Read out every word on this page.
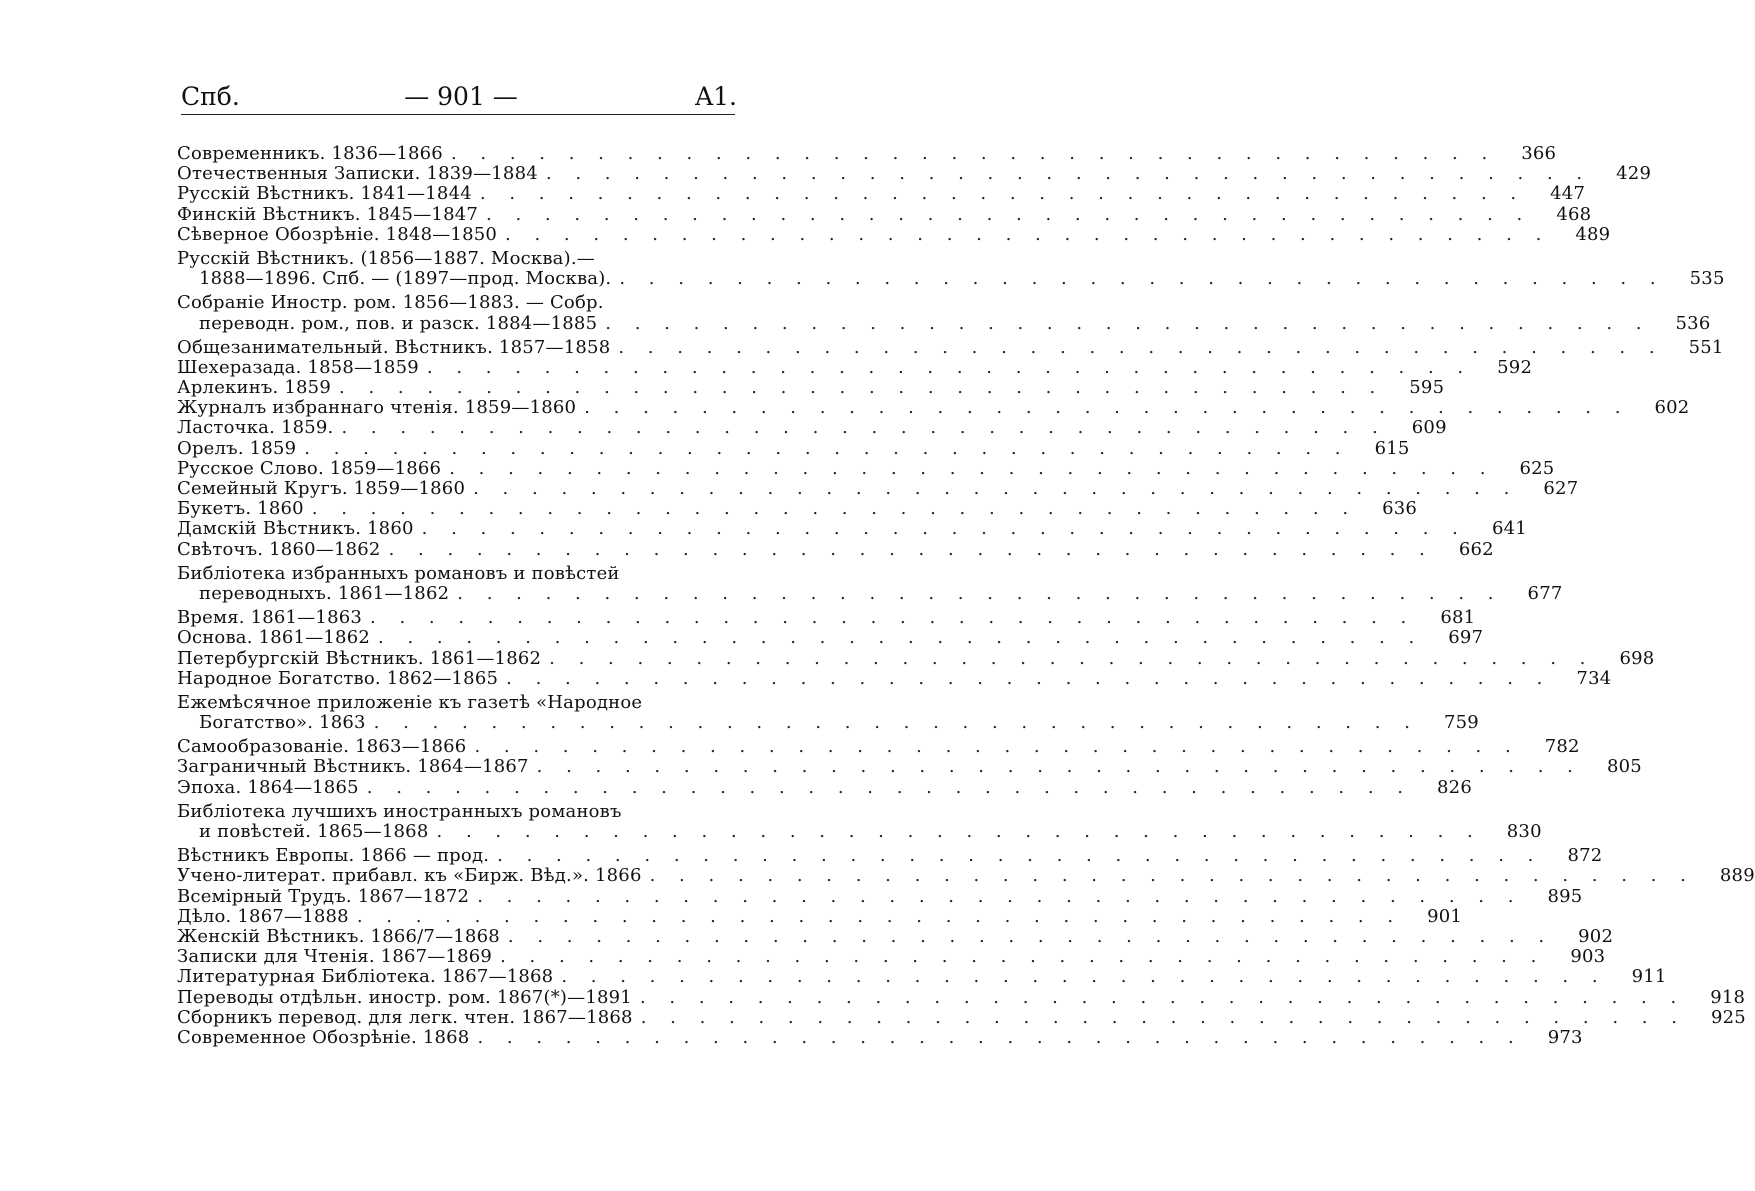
Спб.	— 901 —	A1.
Современникъ. 1836—1866 . . . . . . . . . . . . . . . . . . . . . . . . . . . . . . . . . . . .	366
Отечественныя Записки. 1839—1884 . . . . . . . . . . . . . . . . . . . . . . . . . . . . . . . . . . . .	429
Русскій Вѣстникъ. 1841—1844 . . . . . . . . . . . . . . . . . . . . . . . . . . . . . . . . . . . .	447
Финскій Вѣстникъ. 1845—1847 . . . . . . . . . . . . . . . . . . . . . . . . . . . . . . . . . . . .	468
Сѣверное Обозрѣніе. 1848—1850 . . . . . . . . . . . . . . . . . . . . . . . . . . . . . . . . . . . .	489
Русскій Вѣстникъ. (1856—1887. Москва).—
1888—1896. Спб. — (1897—прод. Москва). . . . . . . . . . . . . . . . . . . . . . . . . . . . . . . . . . . . .	535
Собраніе Иностр. ром. 1856—1883. — Собр.
переводн. ром., пов. и разск. 1884—1885 . . . . . . . . . . . . . . . . . . . . . . . . . . . . . . . . . . . .	536
Общезанимательный. Вѣстникъ. 1857—1858 . . . . . . . . . . . . . . . . . . . . . . . . . . . . . . . . . . . .	551
Шехеразада. 1858—1859 . . . . . . . . . . . . . . . . . . . . . . . . . . . . . . . . . . . .	592
Арлекинъ. 1859 . . . . . . . . . . . . . . . . . . . . . . . . . . . . . . . . . . . .	595
Журналъ избраннаго чтенія. 1859—1860 . . . . . . . . . . . . . . . . . . . . . . . . . . . . . . . . . . . .	602
Ласточка. 1859. . . . . . . . . . . . . . . . . . . . . . . . . . . . . . . . . . . . .	609
Орелъ. 1859 . . . . . . . . . . . . . . . . . . . . . . . . . . . . . . . . . . . .	615
Русское Слово. 1859—1866 . . . . . . . . . . . . . . . . . . . . . . . . . . . . . . . . . . . .	625
Семейный Кругъ. 1859—1860 . . . . . . . . . . . . . . . . . . . . . . . . . . . . . . . . . . . .	627
Букетъ. 1860 . . . . . . . . . . . . . . . . . . . . . . . . . . . . . . . . . . . .	636
Дамскій Вѣстникъ. 1860 . . . . . . . . . . . . . . . . . . . . . . . . . . . . . . . . . . . .	641
Свѣточъ. 1860—1862 . . . . . . . . . . . . . . . . . . . . . . . . . . . . . . . . . . . .	662
Библіотека избранныхъ романовъ и повѣстей
переводныхъ. 1861—1862 . . . . . . . . . . . . . . . . . . . . . . . . . . . . . . . . . . . .	677
Время. 1861—1863 . . . . . . . . . . . . . . . . . . . . . . . . . . . . . . . . . . . .	681
Основа. 1861—1862 . . . . . . . . . . . . . . . . . . . . . . . . . . . . . . . . . . . .	697
Петербургскій Вѣстникъ. 1861—1862 . . . . . . . . . . . . . . . . . . . . . . . . . . . . . . . . . . . .	698
Народное Богатство. 1862—1865 . . . . . . . . . . . . . . . . . . . . . . . . . . . . . . . . . . . .	734
Ежемѣсячное приложеніе къ газетѣ «Народное
Богатство». 1863 . . . . . . . . . . . . . . . . . . . . . . . . . . . . . . . . . . . .	759
Самообразованіе. 1863—1866 . . . . . . . . . . . . . . . . . . . . . . . . . . . . . . . . . . . .	782
Заграничный Вѣстникъ. 1864—1867 . . . . . . . . . . . . . . . . . . . . . . . . . . . . . . . . . . . .	805
Эпоха. 1864—1865 . . . . . . . . . . . . . . . . . . . . . . . . . . . . . . . . . . . .	826
Библіотека лучшихъ иностранныхъ романовъ
и повѣстей. 1865—1868 . . . . . . . . . . . . . . . . . . . . . . . . . . . . . . . . . . . .	830
Вѣстникъ Европы. 1866 — прод. . . . . . . . . . . . . . . . . . . . . . . . . . . . . . . . . . . . .	872
Учено-литерат. прибавл. къ «Бирж. Вѣд.». 1866 . . . . . . . . . . . . . . . . . . . . . . . . . . . . . . . . . . . .	889
Всемірный Трудъ. 1867—1872 . . . . . . . . . . . . . . . . . . . . . . . . . . . . . . . . . . . .	895
Дѣло. 1867—1888 . . . . . . . . . . . . . . . . . . . . . . . . . . . . . . . . . . . .	901
Женскій Вѣстникъ. 1866/7—1868 . . . . . . . . . . . . . . . . . . . . . . . . . . . . . . . . . . . .	902
Записки для Чтенія. 1867—1869 . . . . . . . . . . . . . . . . . . . . . . . . . . . . . . . . . . . .	903
Литературная Библіотека. 1867—1868 . . . . . . . . . . . . . . . . . . . . . . . . . . . . . . . . . . . .	911
Переводы отдѣльн. иностр. ром. 1867(*)—1891 . . . . . . . . . . . . . . . . . . . . . . . . . . . . . . . . . . . .	918
Сборникъ перевод. для легк. чтен. 1867—1868 . . . . . . . . . . . . . . . . . . . . . . . . . . . . . . . . . . . .	925
Современное Обозрѣніе. 1868 . . . . . . . . . . . . . . . . . . . . . . . . . . . . . . . . . . . .	973
